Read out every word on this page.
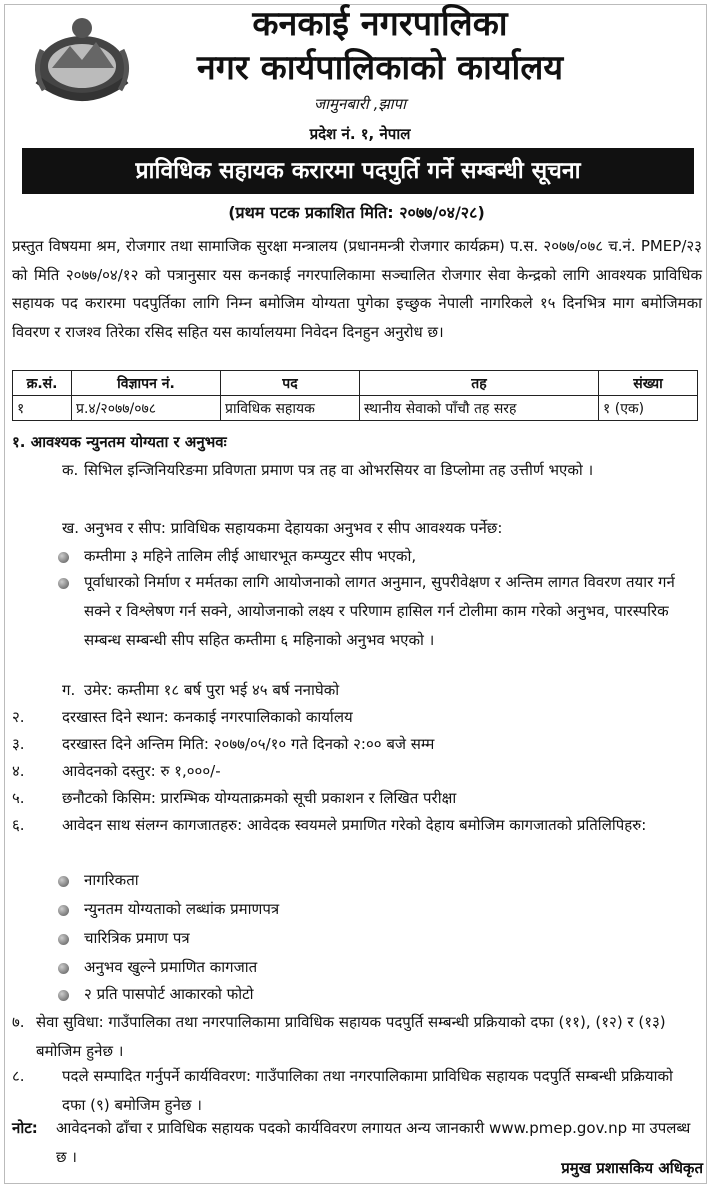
कनकाई नगरपालिका
नगर कार्यपालिकाको कार्यालय
जामुनबारी ,झापा
प्रदेश नं. १, नेपाल
प्राविधिक सहायक करारमा पदपुर्ति गर्ने सम्बन्धी सूचना
(प्रथम पटक प्रकाशित मिति: २०७७/०४/२८)
प्रस्तुत विषयमा श्रम, रोजगार तथा सामाजिक सुरक्षा मन्त्रालय (प्रधानमन्त्री रोजगार कार्यक्रम) प.स. २०७७/०७८ च.नं. PMEP/२३ को मिति २०७७/०४/१२ को पत्रानुसार यस कनकाई नगरपालिकामा सञ्चालित रोजगार सेवा केन्द्रको लागि आवश्यक प्राविधिक सहायक पद करारमा पदपुर्तिका लागि निम्न बमोजिम योग्यता पुगेका इच्छुक नेपाली नागरिकले १५ दिनभित्र माग बमोजिमका विवरण र राजश्व तिरेका रसिद सहित यस कार्यालयमा निवेदन दिनहुन अनुरोध छ।
क्र.सं.	विज्ञापन नं.	पद	तह	संख्या
१	प्र.४/२०७७/०७८	प्राविधिक सहायक	स्थानीय सेवाको पाँचौ तह सरह	१ (एक)
१. आवश्यक न्युनतम योग्यता र अनुभवः
क. सिभिल इन्जिनियरिङमा प्रविणता प्रमाण पत्र तह वा ओभरसियर वा डिप्लोमा तह उत्तीर्ण भएको ।
ख. अनुभव र सीप: प्राविधिक सहायकमा देहायका अनुभव र सीप आवश्यक पर्नेछ:
कम्तीमा ३ महिने तालिम लीई आधारभूत कम्प्युटर सीप भएको,
पूर्वाधारको निर्माण र मर्मतका लागि आयोजनाको लागत अनुमान, सुपरीवेक्षण र अन्तिम लागत विवरण तयार गर्न सक्ने र विश्लेषण गर्न सक्ने, आयोजनाको लक्ष्य र परिणाम हासिल गर्न टोलीमा काम गरेको अनुभव, पारस्परिक सम्बन्ध सम्बन्धी सीप सहित कम्तीमा ६ महिनाको अनुभव भएको ।
ग. उमेर: कम्तीमा १८ बर्ष पुरा भई ४५ बर्ष ननाघेको
२. दरखास्त दिने स्थान: कनकाई नगरपालिकाको कार्यालय
३. दरखास्त दिने अन्तिम मिति: २०७७/०५/१० गते दिनको २:०० बजे सम्म
४. आवेदनको दस्तुर: रु १,०००/-
५. छनौटको किसिम: प्रारम्भिक योग्यताक्रमको सूची प्रकाशन र लिखित परीक्षा
६. आवेदन साथ संलग्न कागजातहरु: आवेदक स्वयमले प्रमाणित गरेको देहाय बमोजिम कागजातको प्रतिलिपिहरु:
नागरिकता
न्युनतम योग्यताको लब्धांक प्रमाणपत्र
चारित्रिक प्रमाण पत्र
अनुभव खुल्ने प्रमाणित कागजात
२ प्रति पासपोर्ट आकारको फोटो
७. सेवा सुविधा: गाउँपालिका तथा नगरपालिकामा प्राविधिक सहायक पदपुर्ति सम्बन्धी प्रक्रियाको दफा (११), (१२) र (१३) बमोजिम हुनेछ ।
८. पदले सम्पादित गर्नुपर्ने कार्यविवरण: गाउँपालिका तथा नगरपालिकामा प्राविधिक सहायक पदपुर्ति सम्बन्धी प्रक्रियाको दफा (९) बमोजिम हुनेछ ।
नोट: आवेदनको ढाँचा र प्राविधिक सहायक पदको कार्यविवरण लगायत अन्य जानकारी www.pmep.gov.np मा उपलब्ध छ ।
प्रमुख प्रशासकिय अधिकृत
